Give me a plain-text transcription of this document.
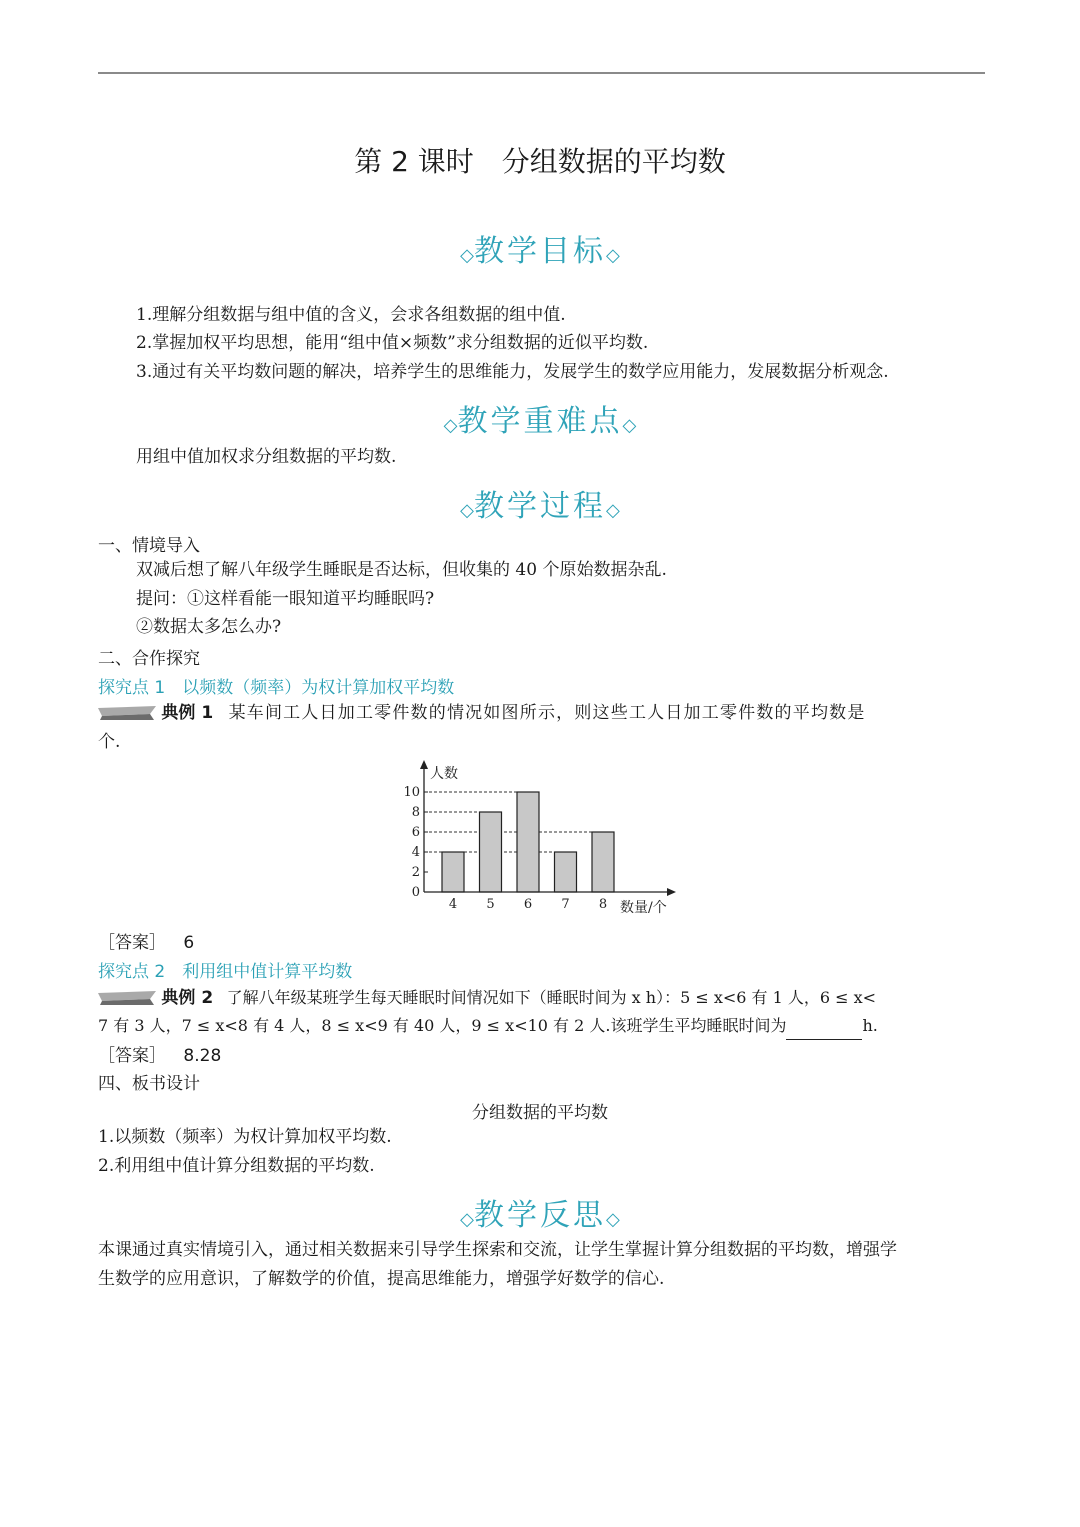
第 2 课时　分组数据的平均数
◇教学目标◇
1.理解分组数据与组中值的含义，会求各组数据的组中值.
2.掌握加权平均思想，能用“组中值×频数”求分组数据的近似平均数.
3.通过有关平均数问题的解决，培养学生的思维能力，发展学生的数学应用能力，发展数据分析观念.
◇教学重难点◇
用组中值加权求分组数据的平均数.
◇教学过程◇
一、情境导入
双减后想了解八年级学生睡眠是否达标，但收集的 40 个原始数据杂乱.
提问：①这样看能一眼知道平均睡眠吗?
②数据太多怎么办?
二、合作探究
探究点 1　以频数（频率）为权计算加权平均数
典例 1 某车间工人日加工零件数的情况如图所示，则这些工人日加工零件数的平均数是
个.
4 5 6 7 8
0
2
4
6
8
10
人数
数量/个
［答案］ 6
探究点 2　利用组中值计算平均数
典例 2 了解八年级某班学生每天睡眠时间情况如下（睡眠时间为 x h）：5 ≤ x<6 有 1 人，6 ≤ x<
7 有 3 人，7 ≤ x<8 有 4 人，8 ≤ x<9 有 40 人，9 ≤ x<10 有 2 人.该班学生平均睡眠时间为	h.
［答案］ 8.28
四、板书设计
分组数据的平均数
1.以频数（频率）为权计算加权平均数.
2.利用组中值计算分组数据的平均数.
◇教学反思◇
本课通过真实情境引入，通过相关数据来引导学生探索和交流，让学生掌握计算分组数据的平均数，增强学
生数学的应用意识，了解数学的价值，提高思维能力，增强学好数学的信心.
